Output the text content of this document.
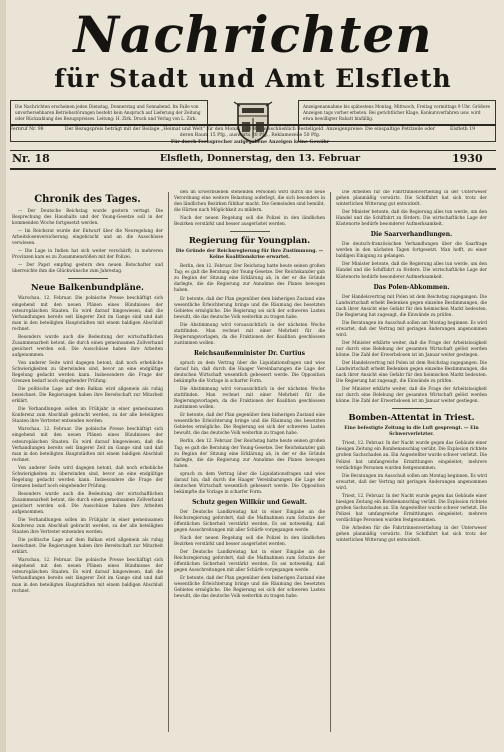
Nachrichten
für Stadt und Amt Elsfleth
Die Nachrichten erscheinen jeden Dienstag, Donnerstag und Sonnabend. Im Falle von unvorhersehbaren Betriebsstörungen besteht kein Anspruch auf Lieferung der Zeitung oder Rückzahlung des Bezugspreises. Leitung: H. Zirk. Druck und Verlag von L. Zirk.
Anzeigenannahme bis spätestens Montag, Mittwoch, Freitag vormittags 9 Uhr. Größere Anzeigen tags vorher erbeten. Bei gerichtlicher Klage, Konkursverfahren usw. wird etwa bewilligter Rabatt hinfällig.
Fernruf Nr. 98	Der Bezugspreis beträgt mit der Beilage „Heimat und Welt“ für den Monat 1.10 RM ausschließlich Bestellgeld. Anzeigenpreise: Die einspaltige Petitzeile oder deren Raum 15 Pfg., auswärts 20 Pfg., Reklamezeile 50 Pfg.
Elsfleth 19
Für durch Fernsprecher aufgegebene Anzeigen keine Gewähr
Nr. 18	Elsfleth, Donnerstag, den 13. Februar	1930
Chronik des Tages.

— Der Deutsche Reichstag wurde gestern vertagt. Die Besprechung des Haushalts und der Young-Gesetze soll in der kommenden Woche fortgesetzt werden.

— Im Reichsrat wurde der Entwurf über die Neuregelung der Arbeitslosenversicherung eingebracht und an die Ausschüsse verwiesen.

— Die Lage in Indien hat sich weiter verschärft; in mehreren Provinzen kam es zu Zusammenstößen mit der Polizei.

— Der Papst empfing gestern den neuen Botschafter und überreichte ihm die Glückwünsche zum Jahrestag.

Neue Balkenbundpläne.

Warschau, 12. Februar. Die polnische Presse beschäftigt sich eingehend mit den neuen Plänen eines Bündnisses der osteuropäischen Staaten. Es wird darauf hingewiesen, daß die Verhandlungen bereits seit längerer Zeit im Gange sind und daß man in den beteiligten Hauptstädten mit einem baldigen Abschluß rechnet.

Besonders wurde auch die Bedeutung der wirtschaftlichen Zusammenarbeit betont, die durch einen gemeinsamen Zollverband gesichert werden soll. Die Ausschüsse haben ihre Arbeiten aufgenommen.

Von anderer Seite wird dagegen betont, daß noch erhebliche Schwierigkeiten zu überwinden sind, bevor an eine endgültige Regelung gedacht werden kann. Insbesondere die Frage der Grenzen bedarf noch eingehender Prüfung.

Die politische Lage auf dem Balkan wird allgemein als ruhig bezeichnet. Die Regierungen haben ihre Bereitschaft zur Mitarbeit erklärt.

Die Verhandlungen sollen im Frühjahr in einer gemeinsamen Konferenz zum Abschluß gebracht werden, zu der alle beteiligten Staaten ihre Vertreter entsenden werden.

Warschau, 12. Februar. Die polnische Presse beschäftigt sich eingehend mit den neuen Plänen eines Bündnisses der osteuropäischen Staaten. Es wird darauf hingewiesen, daß die Verhandlungen bereits seit längerer Zeit im Gange sind und daß man in den beteiligten Hauptstädten mit einem baldigen Abschluß rechnet.

Von anderer Seite wird dagegen betont, daß noch erhebliche Schwierigkeiten zu überwinden sind, bevor an eine endgültige Regelung gedacht werden kann. Insbesondere die Frage der Grenzen bedarf noch eingehender Prüfung.

Besonders wurde auch die Bedeutung der wirtschaftlichen Zusammenarbeit betont, die durch einen gemeinsamen Zollverband gesichert werden soll. Die Ausschüsse haben ihre Arbeiten aufgenommen.

Die Verhandlungen sollen im Frühjahr in einer gemeinsamen Konferenz zum Abschluß gebracht werden, zu der alle beteiligten Staaten ihre Vertreter entsenden werden.

Die politische Lage auf dem Balkan wird allgemein als ruhig bezeichnet. Die Regierungen haben ihre Bereitschaft zur Mitarbeit erklärt.

Warschau, 12. Februar. Die polnische Presse beschäftigt sich eingehend mit den neuen Plänen eines Bündnisses der osteuropäischen Staaten. Es wird darauf hingewiesen, daß die Verhandlungen bereits seit längerer Zeit im Gange sind und daß man in den beteiligten Hauptstädten mit einem baldigen Abschluß rechnet.

den im Erwerbsleben stehenden Personen wird durch die neue Verordnung eine weitere Belastung auferlegt, die sich besonders in den ländlichen Bezirken fühlbar macht. Die Gemeinden sind bemüht, die Härten nach Möglichkeit zu mildern.

Nach der neuen Regelung soll die Polizei in den ländlichen Bezirken verstärkt und besser ausgerüstet werden.

Regierung für Youngplan.
Die Gründe der Reichsregierung für ihre Zustimmung. — Keine Koalitionskrise erwartet.

Berlin, den 12. Februar. Der Reichstag hatte heute seinen großen Tag; es galt die Beratung der Young-Gesetze. Der Reichskanzler gab zu Beginn der Sitzung eine Erklärung ab, in der er die Gründe darlegte, die die Regierung zur Annahme des Planes bewogen haben.

Er betonte, daß der Plan gegenüber dem bisherigen Zustand eine wesentliche Erleichterung bringe und die Räumung des besetzten Gebietes ermögliche. Die Regierung sei sich der schweren Lasten bewußt, die das deutsche Volk weiterhin zu tragen habe.

Die Abstimmung wird voraussichtlich in der nächsten Woche stattfinden. Man rechnet mit einer Mehrheit für die Regierungsvorlagen, da die Fraktionen der Koalition geschlossen zustimmen wollen.

Reichsaußenminister Dr. Curtius

sprach zu dem Vertrag über die Liquidationsfragen und wies darauf hin, daß durch die Haager Vereinbarungen die Lage der deutschen Wirtschaft wesentlich gebessert werde. Die Opposition bekämpfte die Vorlage in scharfer Form.

Die Abstimmung wird voraussichtlich in der nächsten Woche stattfinden. Man rechnet mit einer Mehrheit für die Regierungsvorlagen, da die Fraktionen der Koalition geschlossen zustimmen wollen.

Er betonte, daß der Plan gegenüber dem bisherigen Zustand eine wesentliche Erleichterung bringe und die Räumung des besetzten Gebietes ermögliche. Die Regierung sei sich der schweren Lasten bewußt, die das deutsche Volk weiterhin zu tragen habe.

Berlin, den 12. Februar. Der Reichstag hatte heute seinen großen Tag; es galt die Beratung der Young-Gesetze. Der Reichskanzler gab zu Beginn der Sitzung eine Erklärung ab, in der er die Gründe darlegte, die die Regierung zur Annahme des Planes bewogen haben.

sprach zu dem Vertrag über die Liquidationsfragen und wies darauf hin, daß durch die Haager Vereinbarungen die Lage der deutschen Wirtschaft wesentlich gebessert werde. Die Opposition bekämpfte die Vorlage in scharfer Form.

Schutz gegen Willkür und Gewalt.

Der Deutsche Landkreistag hat in einer Eingabe an die Reichsregierung gefordert, daß die Maßnahmen zum Schutze der öffentlichen Sicherheit verstärkt werden. Es sei notwendig, daß gegen Ausschreitungen mit aller Schärfe vorgegangen werde.

Nach der neuen Regelung soll die Polizei in den ländlichen Bezirken verstärkt und besser ausgerüstet werden.

Der Deutsche Landkreistag hat in einer Eingabe an die Reichsregierung gefordert, daß die Maßnahmen zum Schutze der öffentlichen Sicherheit verstärkt werden. Es sei notwendig, daß gegen Ausschreitungen mit aller Schärfe vorgegangen werde.

Er betonte, daß der Plan gegenüber dem bisherigen Zustand eine wesentliche Erleichterung bringe und die Räumung des besetzten Gebietes ermögliche. Die Regierung sei sich der schweren Lasten bewußt, die das deutsche Volk weiterhin zu tragen habe.

Die Arbeiten für die Fahrtrinnenvertiefung in der Unterweser gehen planmäßig vorwärts. Die Schiffahrt hat sich trotz der winterlichen Witterung gut entwickelt.

Der Minister betonte, daß die Regierung alles tun werde, um den Handel und die Schiffahrt zu fördern. Die wirtschaftliche Lage der Küstenorte bedürfe besonderer Aufmerksamkeit.

Die Saarverhandlungen.

Die deutsch-französischen Verhandlungen über die Saarfrage werden in den nächsten Tagen fortgesetzt. Man hofft, zu einer baldigen Einigung zu gelangen.

Der Minister betonte, daß die Regierung alles tun werde, um den Handel und die Schiffahrt zu fördern. Die wirtschaftliche Lage der Küstenorte bedürfe besonderer Aufmerksamkeit.

Das Polen-Abkommen.

Der Handelsvertrag mit Polen ist dem Reichstag zugegangen. Die Landwirtschaft erhebt Bedenken gegen einzelne Bestimmungen, die nach ihrer Ansicht eine Gefahr für den heimischen Markt bedeuten. Die Regierung hat zugesagt, die Einwände zu prüfen.

Die Beratungen im Ausschuß sollen am Montag beginnen. Es wird erwartet, daß der Vertrag mit geringen Änderungen angenommen wird.

Der Minister erklärte weiter, daß die Frage der Arbeitslosigkeit nur durch eine Belebung der gesamten Wirtschaft gelöst werden könne. Die Zahl der Erwerbslosen ist im Januar weiter gestiegen.

Der Handelsvertrag mit Polen ist dem Reichstag zugegangen. Die Landwirtschaft erhebt Bedenken gegen einzelne Bestimmungen, die nach ihrer Ansicht eine Gefahr für den heimischen Markt bedeuten. Die Regierung hat zugesagt, die Einwände zu prüfen.

Der Minister erklärte weiter, daß die Frage der Arbeitslosigkeit nur durch eine Belebung der gesamten Wirtschaft gelöst werden könne. Die Zahl der Erwerbslosen ist im Januar weiter gestiegen.

Bomben-Attentat in Triest.
Eine befestigte Zeitung in die Luft gesprengt. — Ein Schwerverletzter.

Triest, 12. Februar. In der Nacht wurde gegen das Gebäude einer hiesigen Zeitung ein Bombenanschlag verübt. Die Explosion richtete großen Sachschaden an. Ein Angestellter wurde schwer verletzt. Die Polizei hat umfangreiche Ermittlungen eingeleitet; mehrere verdächtige Personen wurden festgenommen.

Die Beratungen im Ausschuß sollen am Montag beginnen. Es wird erwartet, daß der Vertrag mit geringen Änderungen angenommen wird.

Triest, 12. Februar. In der Nacht wurde gegen das Gebäude einer hiesigen Zeitung ein Bombenanschlag verübt. Die Explosion richtete großen Sachschaden an. Ein Angestellter wurde schwer verletzt. Die Polizei hat umfangreiche Ermittlungen eingeleitet; mehrere verdächtige Personen wurden festgenommen.

Die Arbeiten für die Fahrtrinnenvertiefung in der Unterweser gehen planmäßig vorwärts. Die Schiffahrt hat sich trotz der winterlichen Witterung gut entwickelt.
